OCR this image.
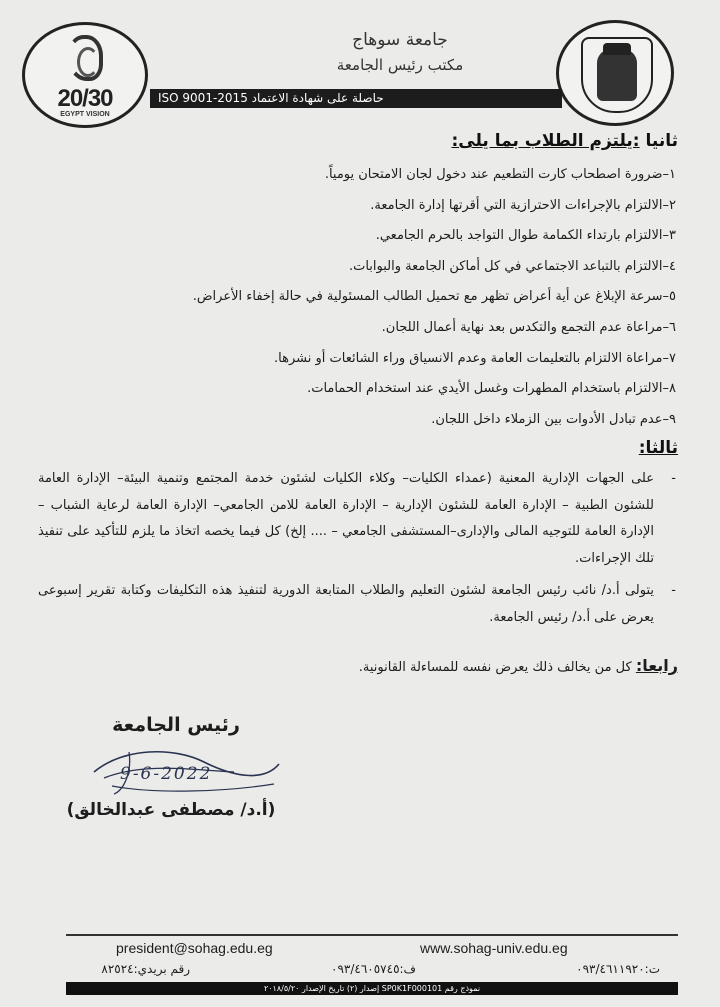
20/30
EGYPT VISION
جامعة سوهاج
مكتب رئيس الجامعة
حاصلة على شهادة الاعتماد ISO 9001-2015
ثانيا :يلتزم الطلاب بما يلى:
١–ضرورة اصطحاب كارت التطعيم عند دخول لجان الامتحان يومياً.
٢–الالتزام بالإجراءات الاحترازية التي أقرتها إدارة الجامعة.
٣–الالتزام بارتداء الكمامة طوال التواجد بالحرم الجامعي.
٤–الالتزام بالتباعد الاجتماعي في كل أماكن الجامعة والبوابات.
٥–سرعة الإبلاغ عن أية أعراض تظهر مع تحميل الطالب المسئولية في حالة إخفاء الأعراض.
٦–مراعاة عدم التجمع والتكدس بعد نهاية أعمال اللجان.
٧–مراعاة الالتزام بالتعليمات العامة وعدم الانسياق وراء الشائعات أو نشرها.
٨–الالتزام باستخدام المطهرات وغسل الأيدي عند استخدام الحمامات.
٩–عدم تبادل الأدوات بين الزملاء داخل اللجان.
ثالثا:
-
على الجهات الإدارية المعنية (عمداء الكليات– وكلاء الكليات لشئون خدمة المجتمع وتنمية البيئة– الإدارة العامة للشئون الطبية – الإدارة العامة للشئون الإدارية – الإدارة العامة للامن الجامعي– الإدارة العامة لرعاية الشباب – الإدارة العامة للتوجيه المالى والإدارى–المستشفى الجامعي – .... إلخ) كل فيما يخصه اتخاذ ما يلزم للتأكيد على تنفيذ تلك الإجراءات.
-
يتولى أ.د/ نائب رئيس الجامعة لشئون التعليم والطلاب المتابعة الدورية لتنفيذ هذه التكليفات وكتابة تقرير إسبوعى يعرض على أ.د/ رئيس الجامعة.
رابعا: كل من يخالف ذلك يعرض نفسه للمساءلة القانونية.
رئيس الجامعة
9-6-2022
(أ.د/ مصطفى عبدالخالق)
president@sohag.edu.eg	www.sohag-univ.edu.eg
ت:٠٩٣/٤٦١١٩٢٠
ف:٠٩٣/٤٦٠٥٧٤٥
رقم بريدي:٨٢٥٢٤
نموذج رقم SP0K1F000101 إصدار (٢) تاريخ الإصدار ٢٠١٨/٥/٢٠
